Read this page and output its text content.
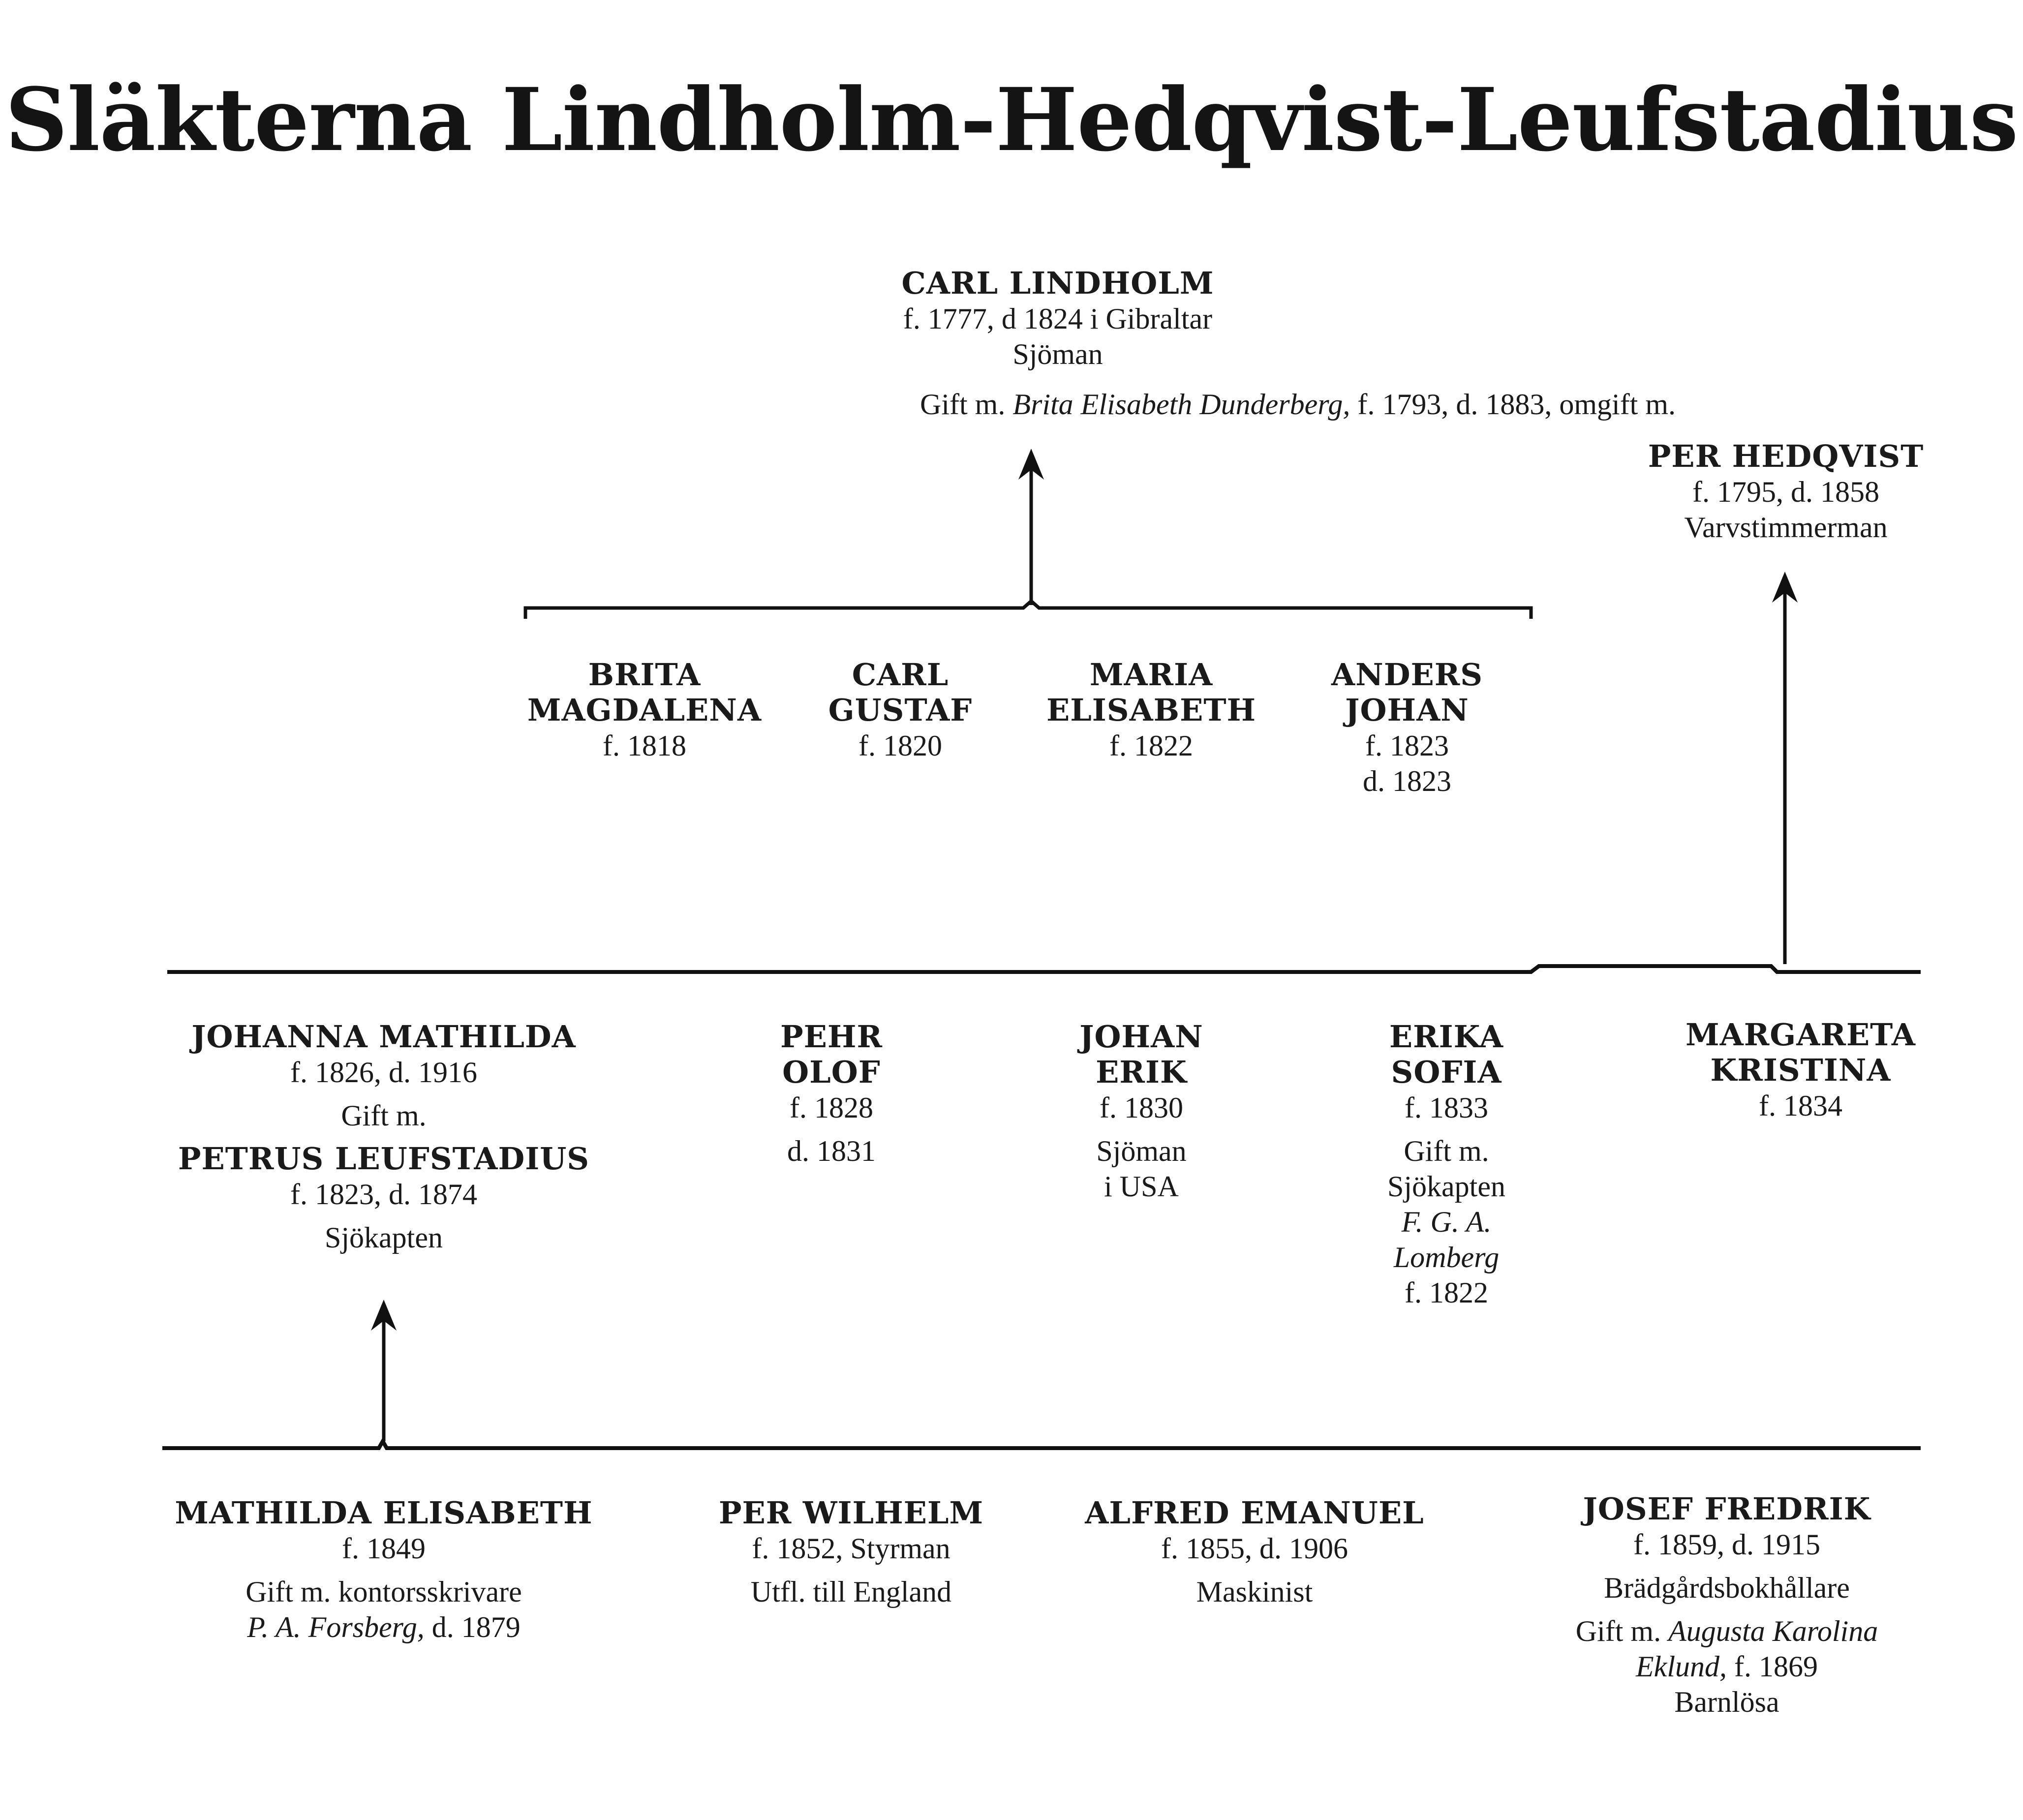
Släkterna Lindholm-Hedqvist-Leufstadius
CARL LINDHOLM
f. 1777, d 1824 i Gibraltar
Sjöman
Gift m. Brita Elisabeth Dunderberg, f. 1793, d. 1883, omgift m.
PER HEDQVIST
f. 1795, d. 1858
Varvstimmerman
BRITA
MAGDALENA
f. 1818
CARL
GUSTAF
f. 1820
MARIA
ELISABETH
f. 1822
ANDERS
JOHAN
f. 1823
d. 1823
JOHANNA MATHILDA
f. 1826, d. 1916
Gift m.
PETRUS LEUFSTADIUS
f. 1823, d. 1874
Sjökapten
PEHR
OLOF
f. 1828
d. 1831
JOHAN
ERIK
f. 1830
Sjöman
i USA
ERIKA
SOFIA
f. 1833
Gift m.
Sjökapten
F. G. A.
Lomberg
f. 1822
MARGARETA
KRISTINA
f. 1834
MATHILDA ELISABETH
f. 1849
Gift m. kontorsskrivare
P. A. Forsberg, d. 1879
PER WILHELM
f. 1852, Styrman
Utfl. till England
ALFRED EMANUEL
f. 1855, d. 1906
Maskinist
JOSEF FREDRIK
f. 1859, d. 1915
Brädgårdsbokhållare
Gift m. Augusta Karolina
Eklund, f. 1869
Barnlösa
